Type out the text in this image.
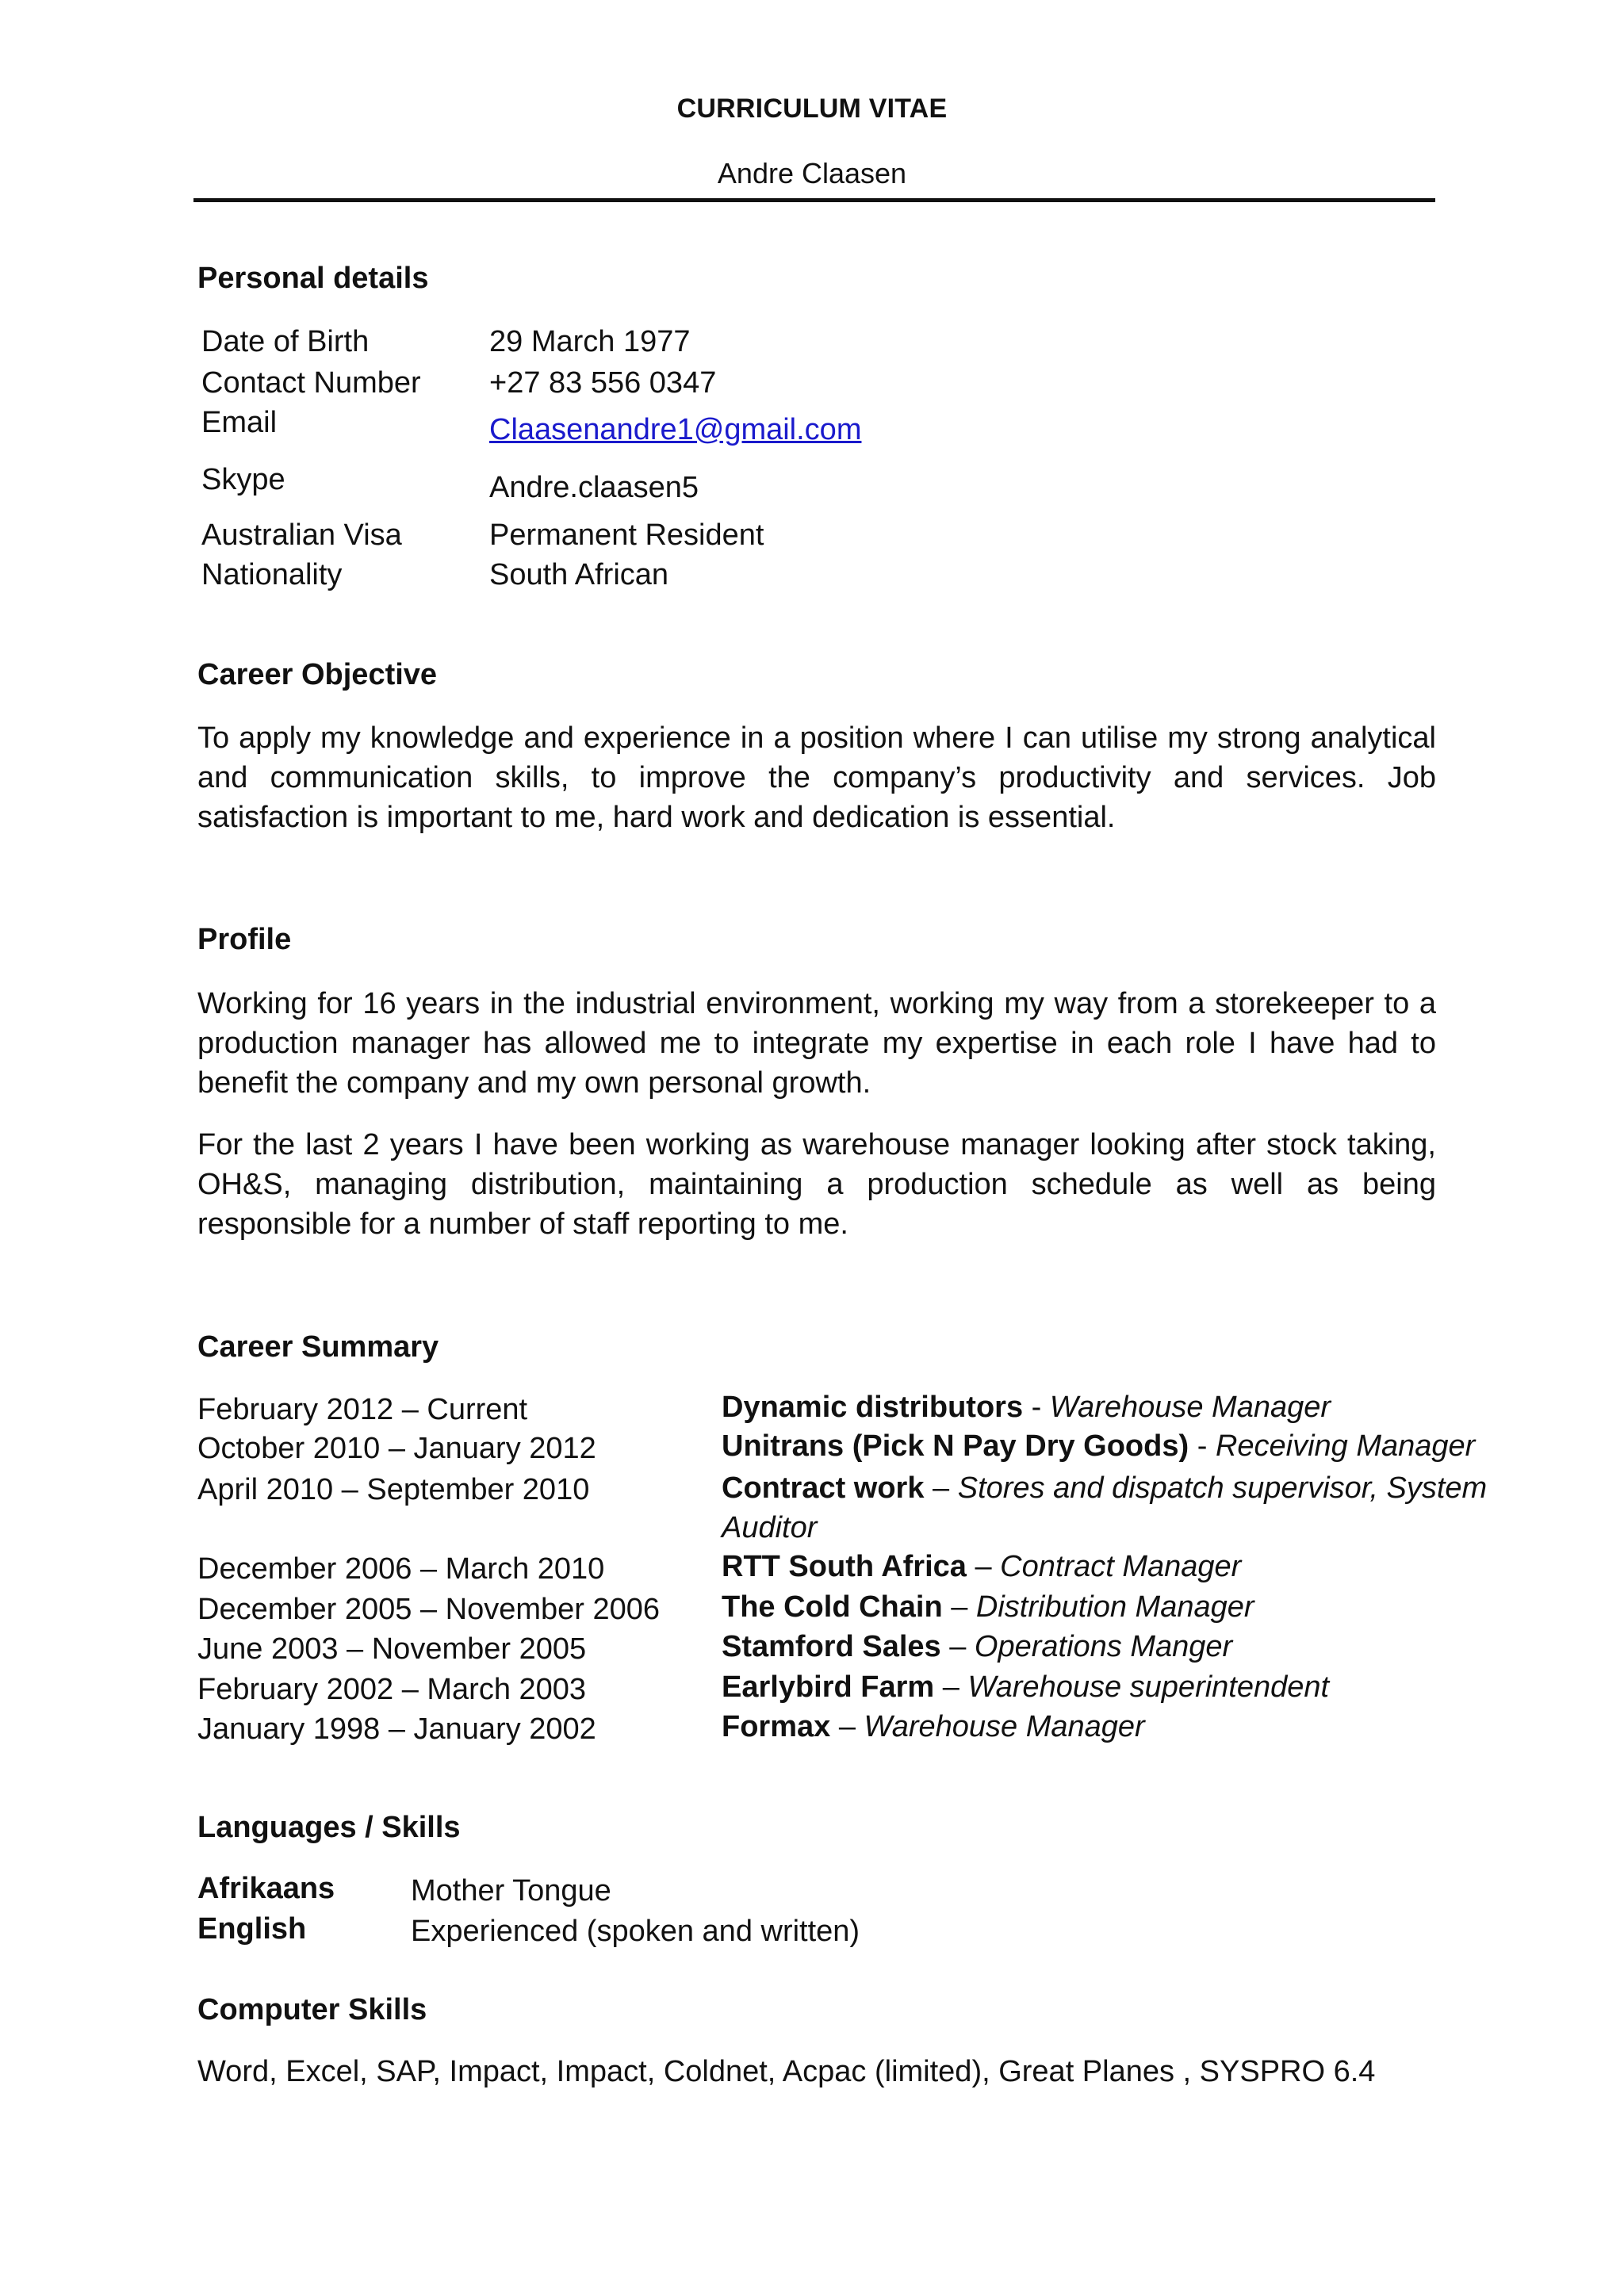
CURRICULUM VITAE
Andre Claasen
Personal details
Date of Birth	29 March 1977
Contact Number +27 83 556 0347
Email	Claasenandre1@gmail.com
Skype	Andre.claasen5
Australian Visa	Permanent Resident
Nationality	South African
Career Objective
To apply my knowledge and experience in a position where I can utilise my strong analytical and communication skills, to improve the company’s productivity and services. Job satisfaction is important to me, hard work and dedication is essential.
Profile
Working for 16 years in the industrial environment, working my way from a storekeeper to a production manager has allowed me to integrate my expertise in each role I have had to benefit the company and my own personal growth.
For the last 2 years I have been working as warehouse manager looking after stock taking, OH&S, managing distribution, maintaining a production schedule as well as being responsible for a number of staff reporting to me.
Career Summary
February 2012 – Current	Dynamic distributors - Warehouse Manager
October 2010 – January 2012	Unitrans (Pick N Pay Dry Goods) - Receiving Manager
April 2010 – September 2010	Contract work – Stores and dispatch supervisor, System
Auditor
December 2006 – March 2010	RTT South Africa – Contract Manager
December 2005 – November 2006 The Cold Chain – Distribution Manager
June 2003 – November 2005	Stamford Sales – Operations Manger
February 2002 – March 2003	Earlybird Farm – Warehouse superintendent
January 1998 – January 2002	Formax – Warehouse Manager
Languages / Skills
Afrikaans	Mother Tongue
English	Experienced (spoken and written)
Computer Skills
Word, Excel, SAP, Impact, Impact, Coldnet, Acpac (limited), Great Planes , SYSPRO 6.4
